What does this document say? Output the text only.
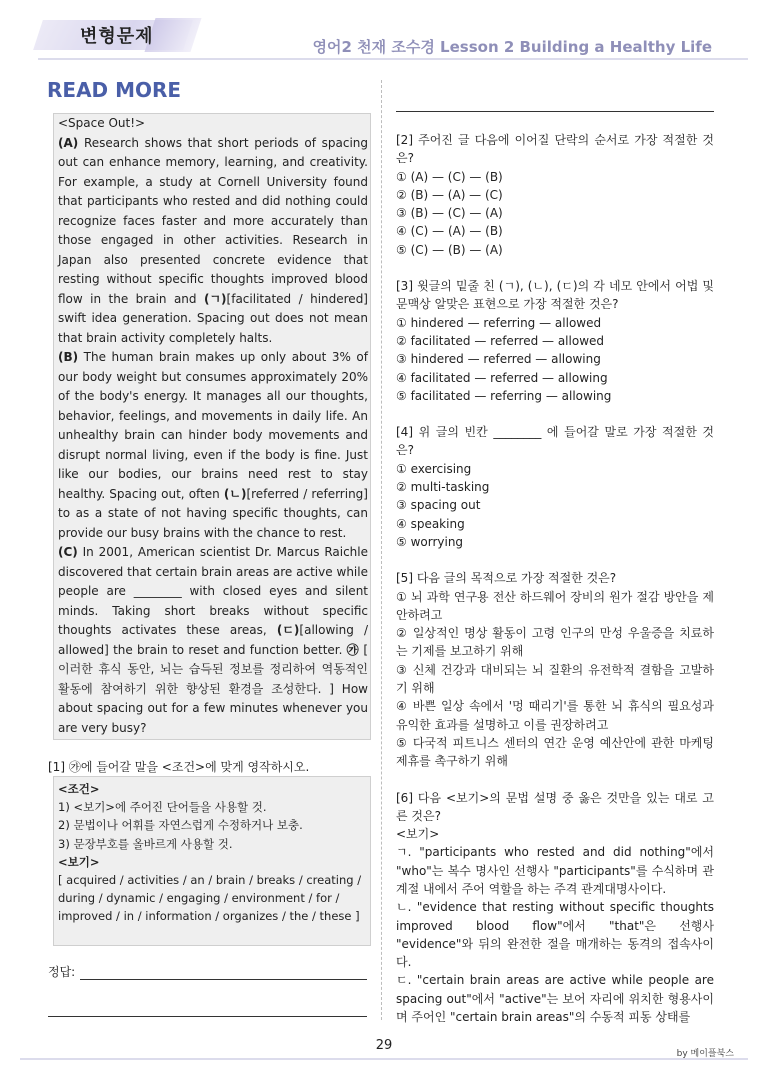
변형문제	영어2 천재 조수경 Lesson 2 Building a Healthy Life
READ MORE

<Space Out!>

(A) Research shows that short periods of spacing out can enhance memory, learning, and creativity. For example, a study at Cornell University found that participants who rested and did nothing could recognize faces faster and more accurately than those engaged in other activities. Research in Japan also presented concrete evidence that resting without specific thoughts improved blood flow in the brain and (ㄱ)[facilitated / hindered] swift idea generation. Spacing out does not mean that brain activity completely halts.

(B) The human brain makes up only about 3% of our body weight but consumes approximately 20% of the body's energy. It manages all our thoughts, behavior, feelings, and movements in daily life. An unhealthy brain can hinder body movements and disrupt normal living, even if the body is fine. Just like our bodies, our brains need rest to stay healthy. Spacing out, often (ㄴ)[referred / referring] to as a state of not having specific thoughts, can provide our busy brains with the chance to rest.

(C) In 2001, American scientist Dr. Marcus Raichle discovered that certain brain areas are active while people are ________ with closed eyes and silent minds. Taking short breaks without specific thoughts activates these areas, (ㄷ)[allowing / allowed] the brain to reset and function better. ㉮ [ 이러한 휴식 동안, 뇌는 습득된 정보를 정리하여 역동적인 활동에 참여하기 위한 향상된 환경을 조성한다. ] How about spacing out for a few minutes whenever you are very busy?

[1] ㉮에 들어갈 말을 <조건>에 맞게 영작하시오.

<조건>

1) <보기>에 주어진 단어들을 사용할 것.

2) 문법이나 어휘를 자연스럽게 수정하거나 보충.

3) 문장부호를 올바르게 사용할 것.

<보기>

[ acquired / activities / an / brain / breaks / creating / during / dynamic / engaging / environment / for / improved / in / information / organizes / the / these ]

정답:

[2] 주어진 글 다음에 이어질 단락의 순서로 가장 적절한 것은?

① (A) — (C) — (B)

② (B) — (A) — (C)

③ (B) — (C) — (A)

④ (C) — (A) — (B)

⑤ (C) — (B) — (A)

[3] 윗글의 밑줄 친 (ㄱ), (ㄴ), (ㄷ)의 각 네모 안에서 어법 및 문맥상 알맞은 표현으로 가장 적절한 것은?

① hindered — referring — allowed

② facilitated — referred — allowed

③ hindered — referred — allowing

④ facilitated — referred — allowing

⑤ facilitated — referring — allowing

[4] 위 글의 빈칸 ________ 에 들어갈 말로 가장 적절한 것은?

① exercising

② multi-tasking

③ spacing out

④ speaking

⑤ worrying

[5] 다음 글의 목적으로 가장 적절한 것은?

① 뇌 과학 연구용 전산 하드웨어 장비의 원가 절감 방안을 제안하려고

② 일상적인 명상 활동이 고령 인구의 만성 우울증을 치료하는 기제를 보고하기 위해

③ 신체 건강과 대비되는 뇌 질환의 유전학적 결함을 고발하기 위해

④ 바쁜 일상 속에서 '멍 때리기'를 통한 뇌 휴식의 필요성과 유익한 효과를 설명하고 이를 권장하려고

⑤ 다국적 피트니스 센터의 연간 운영 예산안에 관한 마케팅 제휴를 촉구하기 위해

[6] 다음 <보기>의 문법 설명 중 옳은 것만을 있는 대로 고른 것은?

<보기>

ㄱ. "participants who rested and did nothing"에서 "who"는 복수 명사인 선행사 "participants"를 수식하며 관계절 내에서 주어 역할을 하는 주격 관계대명사이다.

ㄴ. "evidence that resting without specific thoughts improved blood flow"에서 "that"은 선행사 "evidence"와 뒤의 완전한 절을 매개하는 동격의 접속사이다.

ㄷ. "certain brain areas are active while people are spacing out"에서 "active"는 보어 자리에 위치한 형용사이며 주어인 "certain brain areas"의 수동적 피동 상태를

29
by 메이플북스
